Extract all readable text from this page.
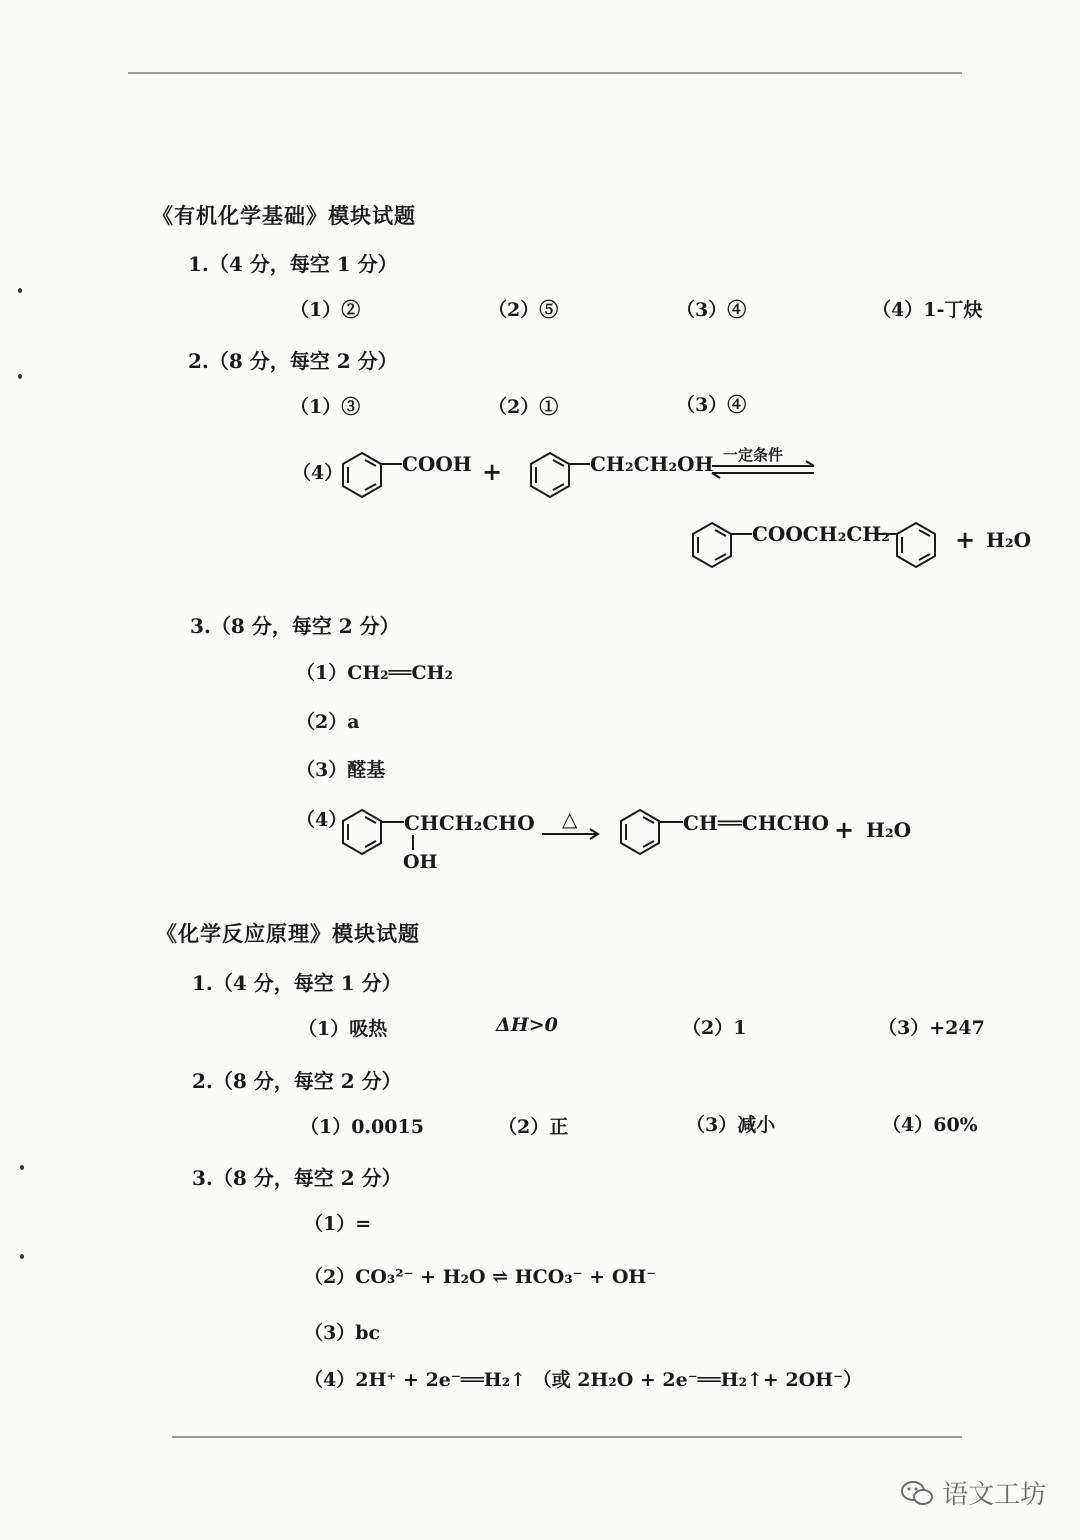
《有机化学基础》模块试题
1.（4 分，每空 1 分）
（1）②	（2）⑤	（3）④	（4）1-丁炔
2.（8 分，每空 2 分）
（1）③	（2）①	（3）④
（4）	COOH +	CH₂CH₂OH 一定条件
COOCH₂CH₂	+ H₂O
3.（8 分，每空 2 分）
（1）CH₂══CH₂
（2）a
（3）醛基
（4）	CHCH₂CHO
OH
△	CH══CHCHO + H₂O
《化学反应原理》模块试题
1.（4 分，每空 1 分）
（1）吸热	ΔH>0	（2）1	（3）+247
2.（8 分，每空 2 分）
（1）0.0015	（2）正	（3）减小	（4）60%
3.（8 分，每空 2 分）
（1）=
（2）CO₃²⁻ + H₂O ⇌ HCO₃⁻ + OH⁻
（3）bc
（4）2H⁺ + 2e⁻══H₂↑ （或 2H₂O + 2e⁻══H₂↑+ 2OH⁻）
语文工坊
